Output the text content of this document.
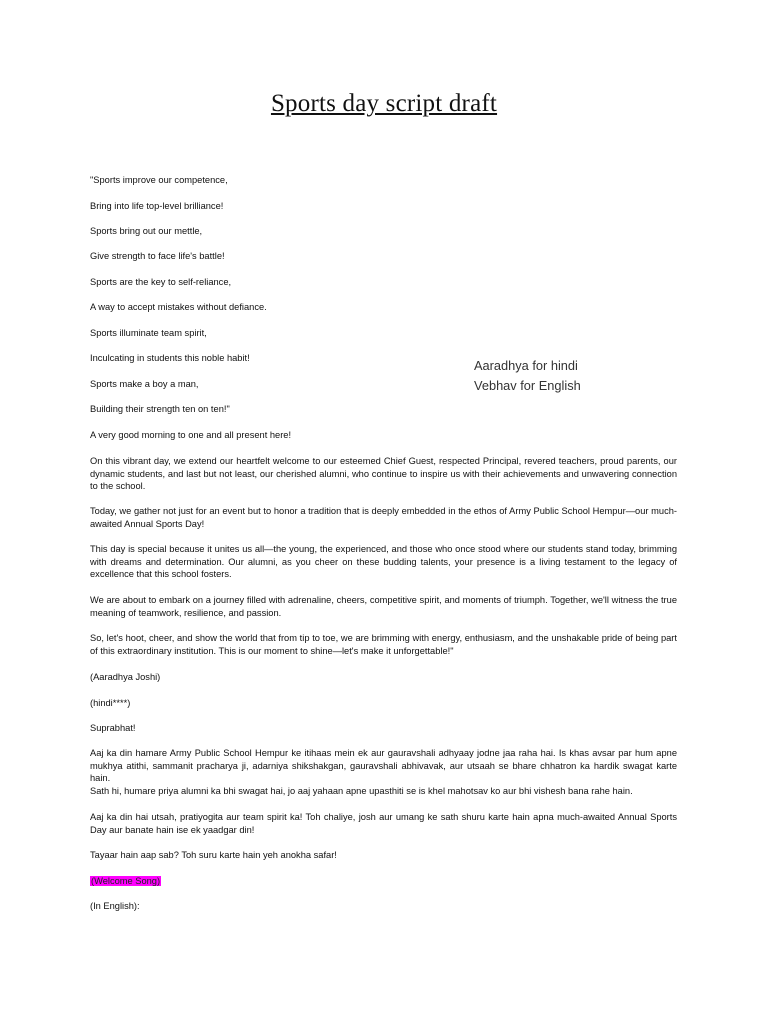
Sports day script draft
"Sports improve our competence,
Bring into life top-level brilliance!
Sports bring out our mettle,
Give strength to face life's battle!
Sports are the key to self-reliance,
A way to accept mistakes without defiance.
Sports illuminate team spirit,
Inculcating in students this noble habit!
Sports make a boy a man,
Building their strength ten on ten!"
Aaradhya for hindi
Vebhav for English
A very good morning to one and all present here!
On this vibrant day, we extend our heartfelt welcome to our esteemed Chief Guest, respected Principal, revered teachers, proud parents, our dynamic students, and last but not least, our cherished alumni, who continue to inspire us with their achievements and unwavering connection to the school.
Today, we gather not just for an event but to honor a tradition that is deeply embedded in the ethos of Army Public School Hempur—our much-awaited Annual Sports Day!
This day is special because it unites us all—the young, the experienced, and those who once stood where our students stand today, brimming with dreams and determination. Our alumni, as you cheer on these budding talents, your presence is a living testament to the legacy of excellence that this school fosters.
We are about to embark on a journey filled with adrenaline, cheers, competitive spirit, and moments of triumph. Together, we'll witness the true meaning of teamwork, resilience, and passion.
So, let's hoot, cheer, and show the world that from tip to toe, we are brimming with energy, enthusiasm, and the unshakable pride of being part of this extraordinary institution. This is our moment to shine—let's make it unforgettable!"
(Aaradhya Joshi)
(hindi****)
Suprabhat!
Aaj ka din hamare Army Public School Hempur ke itihaas mein ek aur gauravshali adhyaay jodne jaa raha hai. Is khas avsar par hum apne mukhya atithi, sammanit pracharya ji, adarniya shikshakgan, gauravshali abhivavak, aur utsaah se bhare chhatron ka hardik swagat karte hain.
Sath hi, humare priya alumni ka bhi swagat hai, jo aaj yahaan apne upasthiti se is khel mahotsav ko aur bhi vishesh bana rahe hain.
Aaj ka din hai utsah, pratiyogita aur team spirit ka! Toh chaliye, josh aur umang ke sath shuru karte hain apna much-awaited Annual Sports Day aur banate hain ise ek yaadgar din!
Tayaar hain aap sab? Toh suru karte hain yeh anokha safar!
(Welcome Song)
(In English):
